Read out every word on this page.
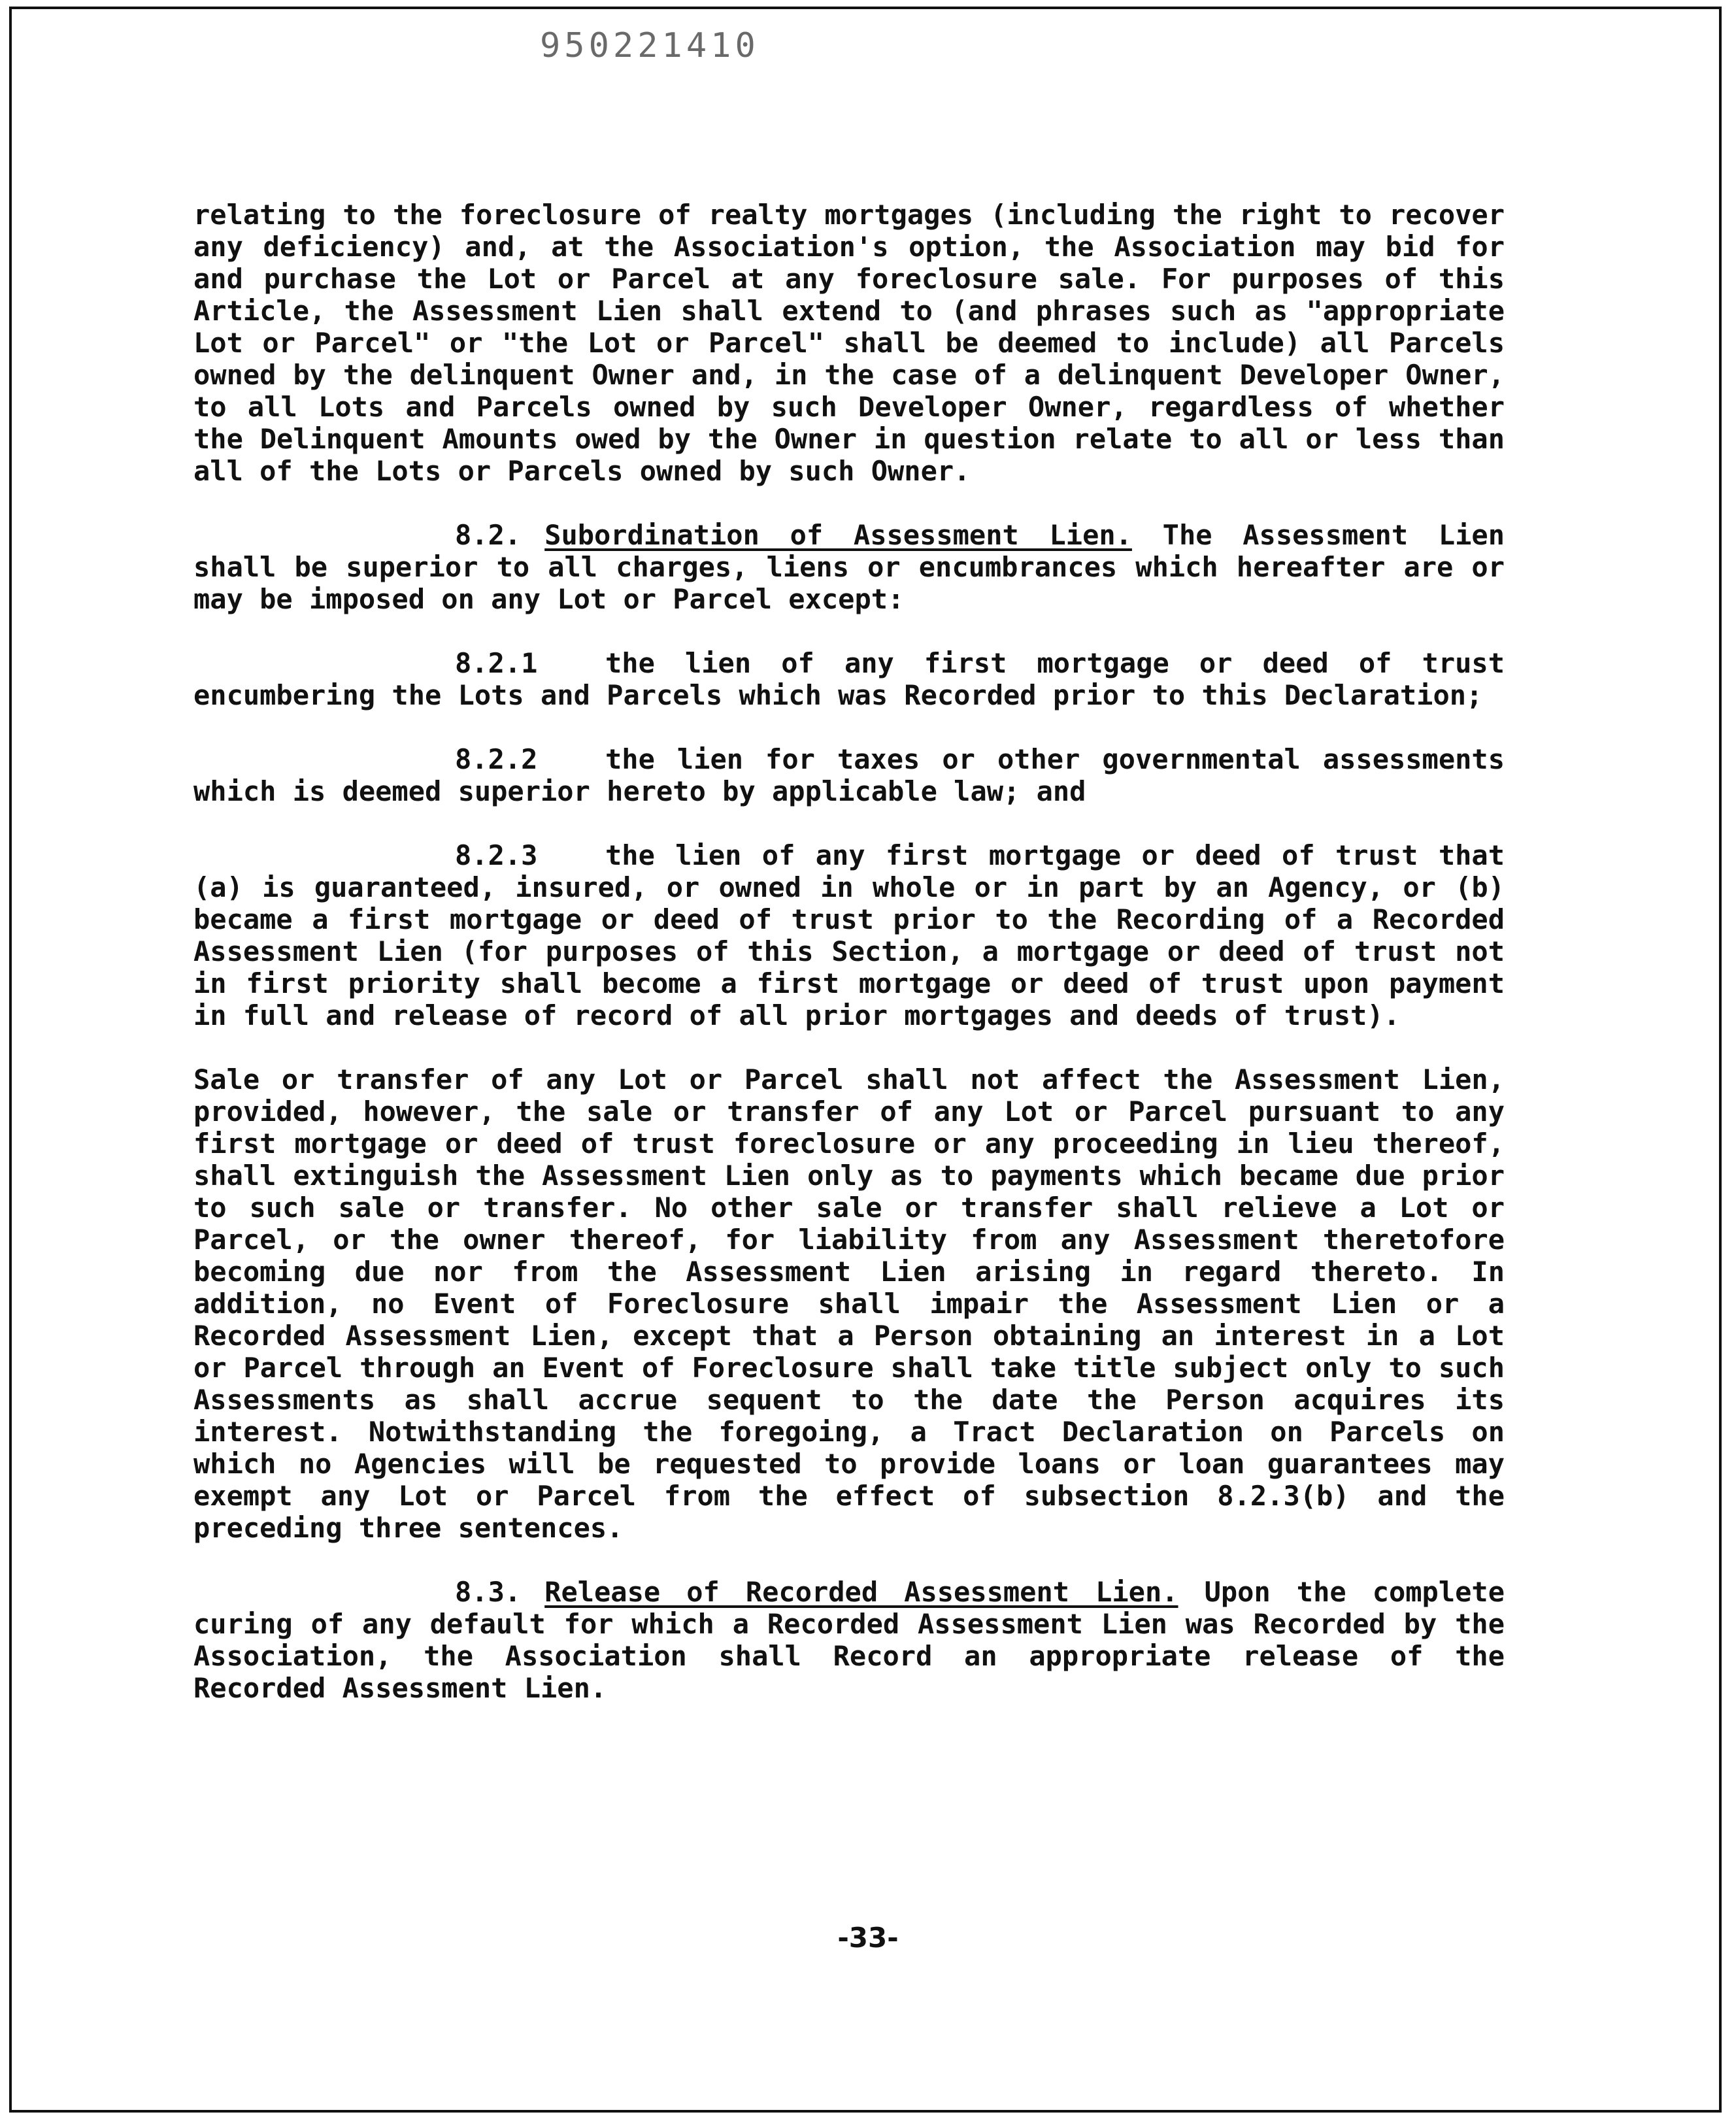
950221410

relating to the foreclosure of realty mortgages (including the right to recover any deficiency) and, at the Association's option, the Association may bid for and purchase the Lot or Parcel at any foreclosure sale. For purposes of this Article, the Assessment Lien shall extend to (and phrases such as "appropriate Lot or Parcel" or "the Lot or Parcel" shall be deemed to include) all Parcels owned by the delinquent Owner and, in the case of a delinquent Developer Owner, to all Lots and Parcels owned by such Developer Owner, regardless of whether the Delinquent Amounts owed by the Owner in question relate to all or less than all of the Lots or Parcels owned by such Owner.

8.2. Subordination of Assessment Lien. The Assessment Lien shall be superior to all charges, liens or encumbrances which hereafter are or may be imposed on any Lot or Parcel except:

8.2.1 the lien of any first mortgage or deed of trust encumbering the Lots and Parcels which was Recorded prior to this Declaration;

8.2.2 the lien for taxes or other governmental assessments which is deemed superior hereto by applicable law; and

8.2.3 the lien of any first mortgage or deed of trust that (a) is guaranteed, insured, or owned in whole or in part by an Agency, or (b) became a first mortgage or deed of trust prior to the Recording of a Recorded Assessment Lien (for purposes of this Section, a mortgage or deed of trust not in first priority shall become a first mortgage or deed of trust upon payment in full and release of record of all prior mortgages and deeds of trust).

Sale or transfer of any Lot or Parcel shall not affect the Assessment Lien, provided, however, the sale or transfer of any Lot or Parcel pursuant to any first mortgage or deed of trust foreclosure or any proceeding in lieu thereof, shall extinguish the Assessment Lien only as to payments which became due prior to such sale or transfer. No other sale or transfer shall relieve a Lot or Parcel, or the owner thereof, for liability from any Assessment theretofore becoming due nor from the Assessment Lien arising in regard thereto. In addition, no Event of Foreclosure shall impair the Assessment Lien or a Recorded Assessment Lien, except that a Person obtaining an interest in a Lot or Parcel through an Event of Foreclosure shall take title subject only to such Assessments as shall accrue sequent to the date the Person acquires its interest. Notwithstanding the foregoing, a Tract Declaration on Parcels on which no Agencies will be requested to provide loans or loan guarantees may exempt any Lot or Parcel from the effect of subsection 8.2.3(b) and the preceding three sentences.

8.3. Release of Recorded Assessment Lien. Upon the complete curing of any default for which a Recorded Assessment Lien was Recorded by the Association, the Association shall Record an appropriate release of the Recorded Assessment Lien.

-33-
